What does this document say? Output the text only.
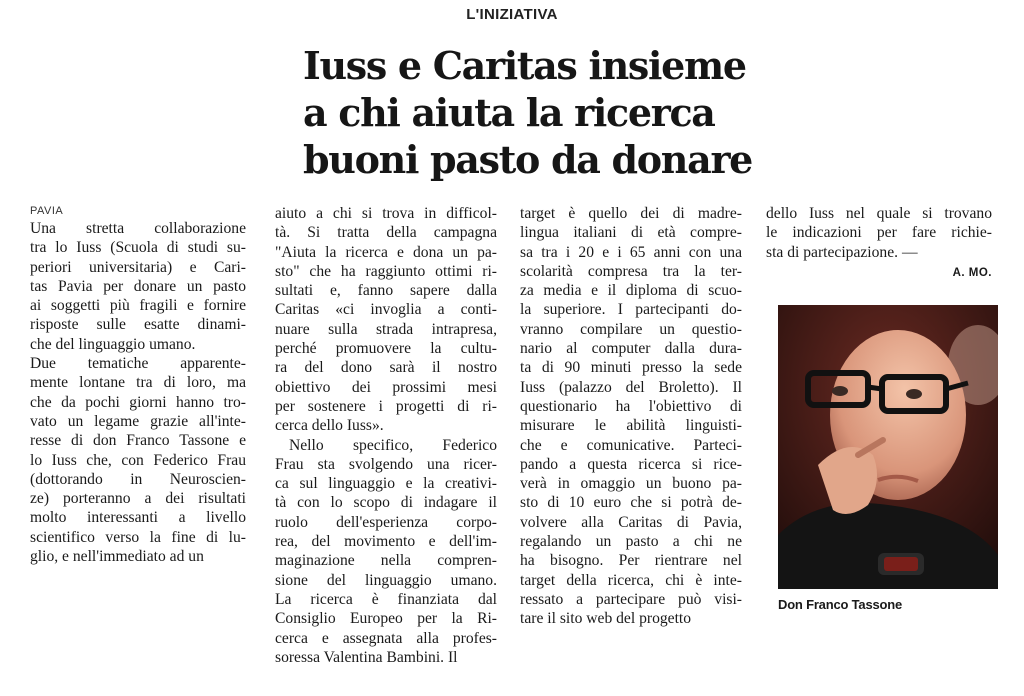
L'INIZIATIVA
Iuss e Caritas insieme
a chi aiuta la ricerca
buoni pasto da donare
PAVIA
Una stretta collaborazione
tra lo Iuss (Scuola di studi su-
periori universitaria) e Cari-
tas Pavia per donare un pasto
ai soggetti più fragili e fornire
risposte sulle esatte dinami-
che del linguaggio umano.
Due tematiche apparente-
mente lontane tra di loro, ma
che da pochi giorni hanno tro-
vato un legame grazie all'inte-
resse di don Franco Tassone e
lo Iuss che, con Federico Frau
(dottorando in Neuroscien-
ze) porteranno a dei risultati
molto interessanti a livello
scientifico verso la fine di lu-
glio, e nell'immediato ad un
aiuto a chi si trova in difficol-
tà. Si tratta della campagna
"Aiuta la ricerca e dona un pa-
sto" che ha raggiunto ottimi ri-
sultati e, fanno sapere dalla
Caritas «ci invoglia a conti-
nuare sulla strada intrapresa,
perché promuovere la cultu-
ra del dono sarà il nostro
obiettivo dei prossimi mesi
per sostenere i progetti di ri-
cerca dello Iuss».
Nello specifico, Federico
Frau sta svolgendo una ricer-
ca sul linguaggio e la creativi-
tà con lo scopo di indagare il
ruolo dell'esperienza corpo-
rea, del movimento e dell'im-
maginazione nella compren-
sione del linguaggio umano.
La ricerca è finanziata dal
Consiglio Europeo per la Ri-
cerca e assegnata alla profes-
soressa Valentina Bambini. Il
target è quello dei di madre-
lingua italiani di età compre-
sa tra i 20 e i 65 anni con una
scolarità compresa tra la ter-
za media e il diploma di scuo-
la superiore. I partecipanti do-
vranno compilare un questio-
nario al computer dalla dura-
ta di 90 minuti presso la sede
Iuss (palazzo del Broletto). Il
questionario ha l'obiettivo di
misurare le abilità linguisti-
che e comunicative. Parteci-
pando a questa ricerca si rice-
verà in omaggio un buono pa-
sto di 10 euro che si potrà de-
volvere alla Caritas di Pavia,
regalando un pasto a chi ne
ha bisogno. Per rientrare nel
target della ricerca, chi è inte-
ressato a partecipare può visi-
tare il sito web del progetto
dello Iuss nel quale si trovano
le indicazioni per fare richie-
sta di partecipazione. —
A. MO.
Don Franco Tassone
